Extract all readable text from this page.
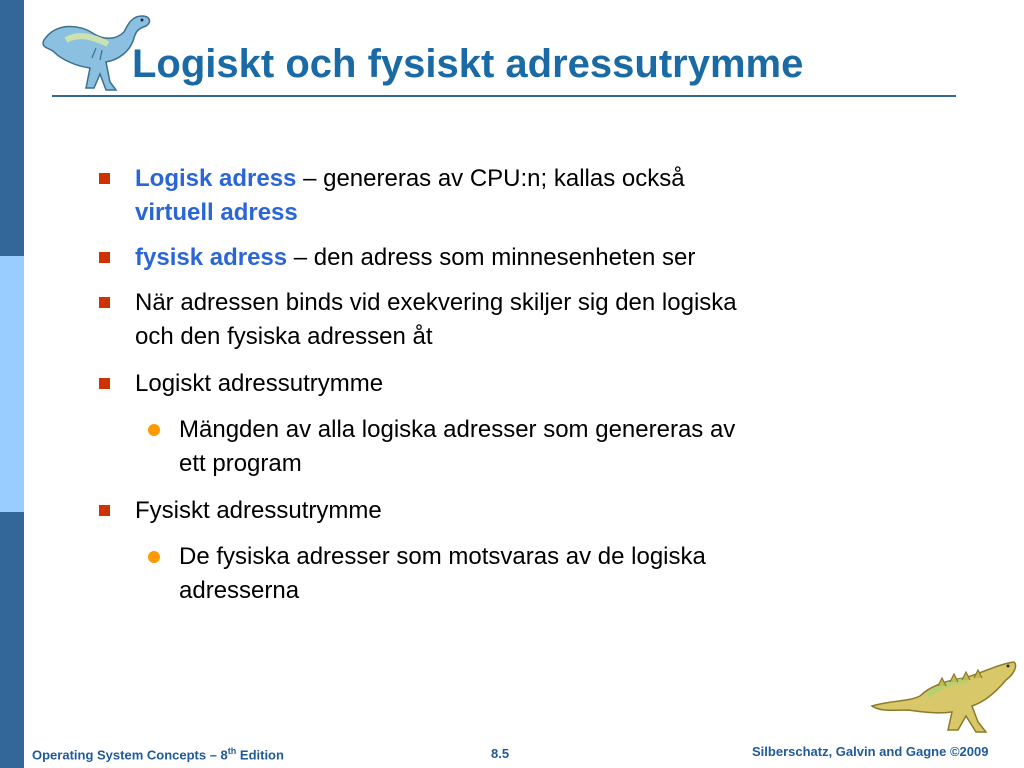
Logiskt och fysiskt adressutrymme
Logisk adress – genereras av CPU:n; kallas också
virtuell adress
fysisk adress – den adress som minnesenheten ser
När adressen binds vid exekvering skiljer sig den logiska
och den fysiska adressen åt
Logiskt adressutrymme
Mängden av alla logiska adresser som genereras av
ett program
Fysiskt adressutrymme
De fysiska adresser som motsvaras av de logiska
adresserna
Operating System Concepts – 8th Edition	8.5	Silberschatz, Galvin and Gagne ©2009
